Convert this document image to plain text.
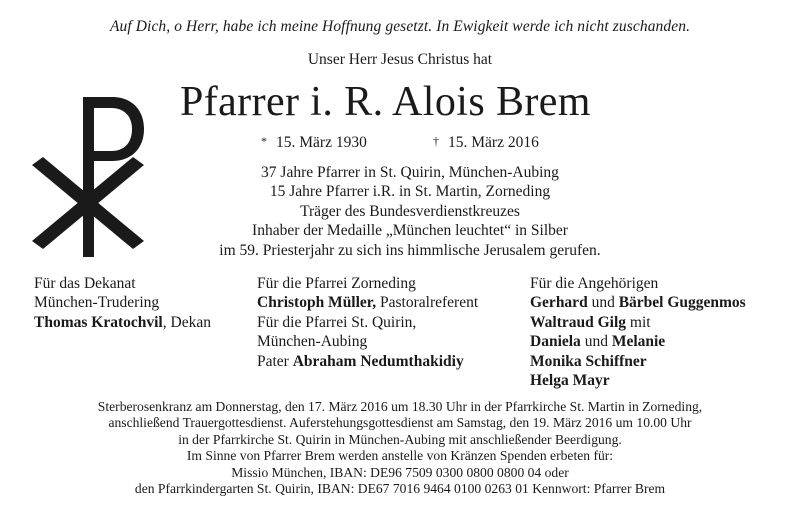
Auf Dich, o Herr, habe ich meine Hoffnung gesetzt. In Ewigkeit werde ich nicht zuschanden.
Unser Herr Jesus Christus hat
Pfarrer i. R. Alois Brem
* 15. März 1930	† 15. März 2016
37 Jahre Pfarrer in St. Quirin, München-Aubing
15 Jahre Pfarrer i.R. in St. Martin, Zorneding
Träger des Bundesverdienstkreuzes
Inhaber der Medaille „München leuchtet“ in Silber
im 59. Priesterjahr zu sich ins himmlische Jerusalem gerufen.
Für das Dekanat
München-Trudering
Thomas Kratochvil, Dekan
Für die Pfarrei Zorneding
Christoph Müller, Pastoralreferent
Für die Pfarrei St. Quirin,
München-Aubing
Pater Abraham Nedumthakidiy
Für die Angehörigen
Gerhard und Bärbel Guggenmos
Waltraud Gilg mit
Daniela und Melanie
Monika Schiffner
Helga Mayr
Sterberosenkranz am Donnerstag, den 17. März 2016 um 18.30 Uhr in der Pfarrkirche St. Martin in Zorneding,
anschließend Trauergottesdienst. Auferstehungsgottesdienst am Samstag, den 19. März 2016 um 10.00 Uhr
in der Pfarrkirche St. Quirin in München-Aubing mit anschließender Beerdigung.
Im Sinne von Pfarrer Brem werden anstelle von Kränzen Spenden erbeten für:
Missio München, IBAN: DE96 7509 0300 0800 0800 04 oder
den Pfarrkindergarten St. Quirin, IBAN: DE67 7016 9464 0100 0263 01 Kennwort: Pfarrer Brem
